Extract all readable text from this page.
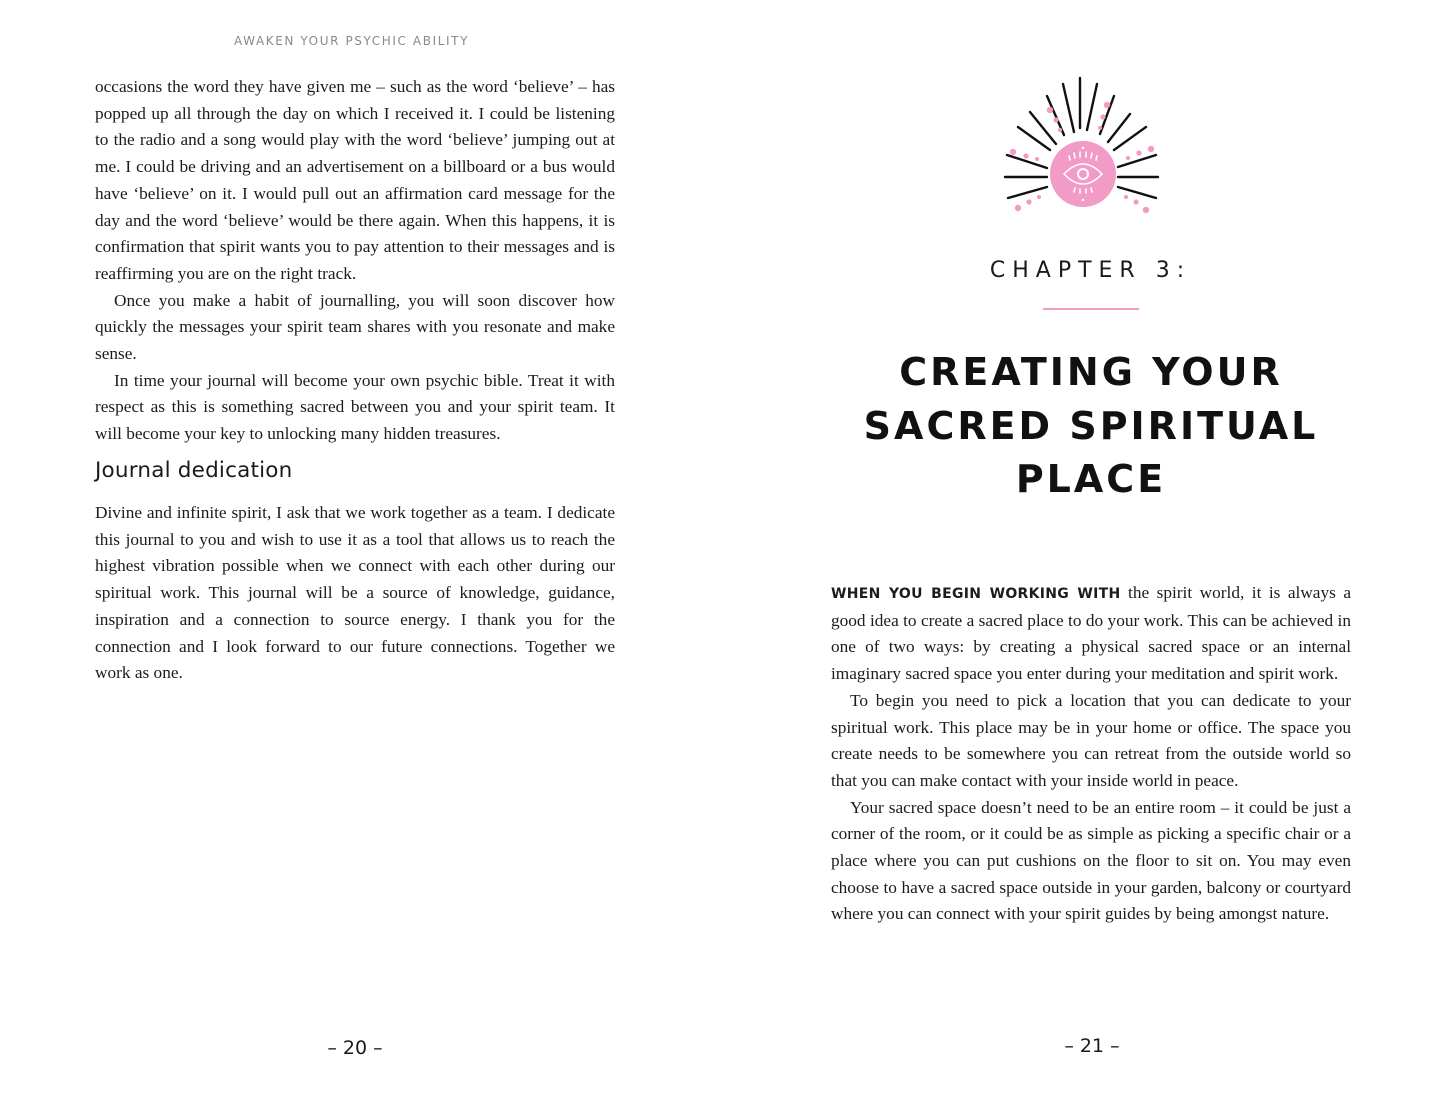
AWAKEN YOUR PSYCHIC ABILITY

occasions the word they have given me – such as the word ‘believe’ – has popped up all through the day on which I received it. I could be listening to the radio and a song would play with the word ‘believe’ jumping out at me. I could be driving and an advertisement on a billboard or a bus would have ‘believe’ on it. I would pull out an affirmation card message for the day and the word ‘believe’ would be there again. When this happens, it is confirmation that spirit wants you to pay attention to their messages and is reaffirming you are on the right track.

Once you make a habit of journalling, you will soon discover how quickly the messages your spirit team shares with you resonate and make sense.

In time your journal will become your own psychic bible. Treat it with respect as this is something sacred between you and your spirit team. It will become your key to unlocking many hidden treasures.

Journal dedication

Divine and infinite spirit, I ask that we work together as a team. I dedicate this journal to you and wish to use it as a tool that allows us to reach the highest vibration possible when we connect with each other during our spiritual work. This journal will be a source of knowledge, guidance, inspiration and a connection to source energy. I thank you for the connection and I look forward to our future connections. Together we work as one.

– 20 –
CHAPTER 3:
CREATING YOUR
SACRED SPIRITUAL
PLACE

WHEN YOU BEGIN WORKING WITH the spirit world, it is always a good idea to create a sacred place to do your work. This can be achieved in one of two ways: by creating a physical sacred space or an internal imaginary sacred space you enter during your meditation and spirit work.

To begin you need to pick a location that you can dedicate to your spiritual work. This place may be in your home or office. The space you create needs to be somewhere you can retreat from the outside world so that you can make contact with your inside world in peace.

Your sacred space doesn’t need to be an entire room – it could be just a corner of the room, or it could be as simple as picking a specific chair or a place where you can put cushions on the floor to sit on. You may even choose to have a sacred space outside in your garden, balcony or courtyard where you can connect with your spirit guides by being amongst nature.

– 21 –
